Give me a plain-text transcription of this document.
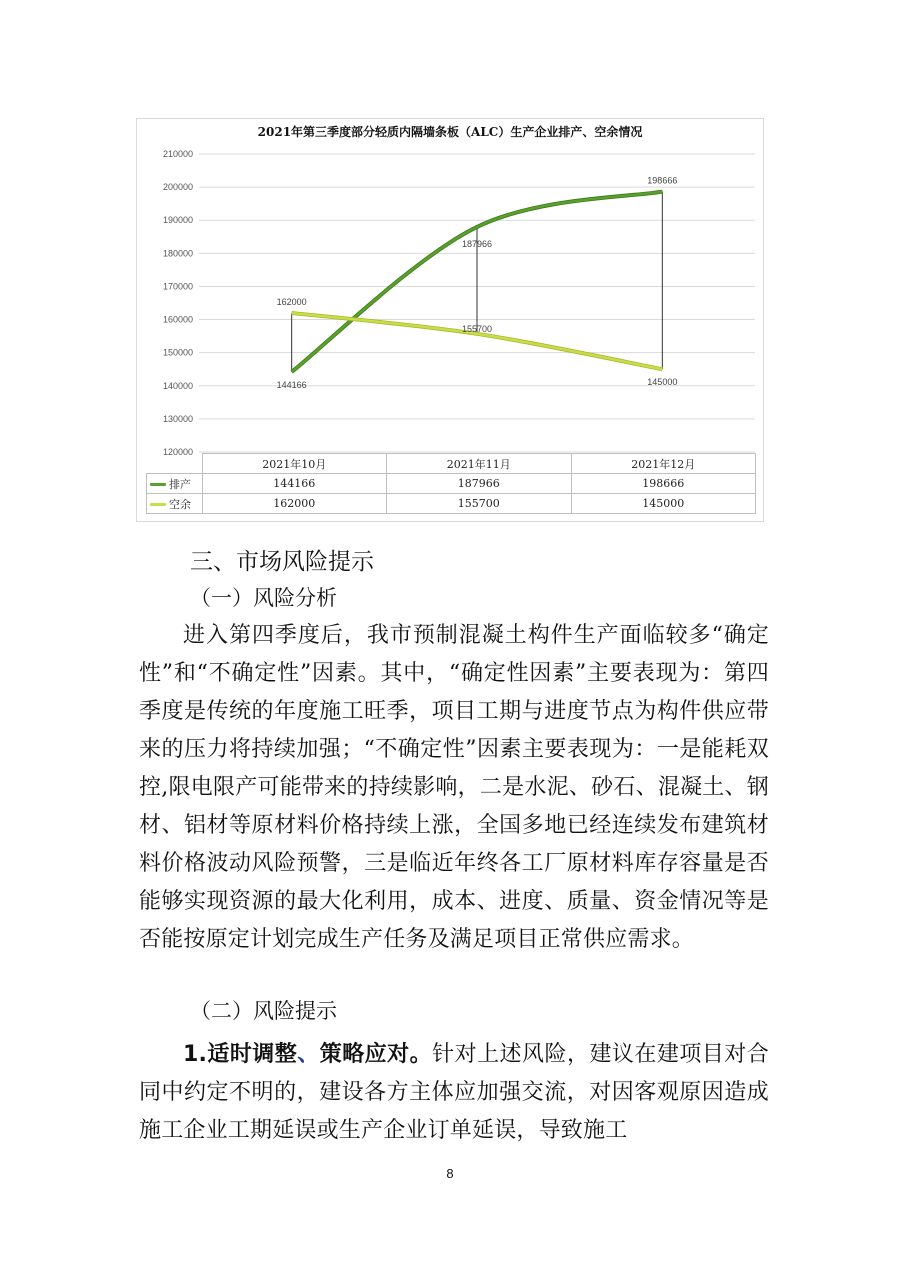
2021年第三季度部分轻质内隔墙条板（ALC）生产企业排产、空余情况
120000
130000
140000
150000
160000
170000
180000
190000
200000
210000
144166
187966
198666
162000
155700
145000
	2021年10月	2021年11月	2021年12月
排产	144166	187966	198666
空余	162000	155700	145000
三、市场风险提示
（一）风险分析
进入第四季度后，我市预制混凝土构件生产面临较多“确定性”和“不确定性”因素。其中，“确定性因素”主要表现为：第四季度是传统的年度施工旺季，项目工期与进度节点为构件供应带来的压力将持续加强；“不确定性”因素主要表现为：一是能耗双控,限电限产可能带来的持续影响，二是水泥、砂石、混凝土、钢材、铝材等原材料价格持续上涨，全国多地已经连续发布建筑材料价格波动风险预警，三是临近年终各工厂原材料库存容量是否能够实现资源的最大化利用，成本、进度、质量、资金情况等是否能按原定计划完成生产任务及满足项目正常供应需求。
（二）风险提示
1.适时调整、策略应对。针对上述风险，建议在建项目对合同中约定不明的，建设各方主体应加强交流，对因客观原因造成施工企业工期延误或生产企业订单延误，导致施工
8
